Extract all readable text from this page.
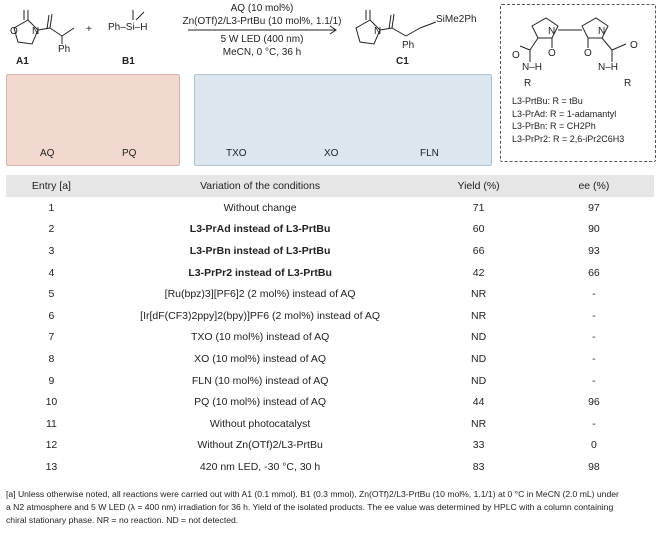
O N	N	N	N
O	O	O
O
N–H	N–H
R	R
Ph
+ Ph–Si–H
Ph
SiMe2Ph
A1	B1	C1
AQ (10 mol%)
Zn(OTf)2/L3-PrtBu (10 mol%, 1.1/1)
5 W LED (400 nm)
MeCN, 0 °C, 36 h
AQ	PQ	TXO	XO	FLN
L3-PrtBu: R = tBu
L3-PrAd: R = 1-adamantyl
L3-PrBn: R = CH2Ph
L3-PrPr2: R = 2,6-iPr2C6H3
Entry [a]	Variation of the conditions	Yield (%)	ee (%)
1	Without change	71	97
2	L3-PrAd instead of L3-PrtBu	60	90
3	L3-PrBn instead of L3-PrtBu	66	93
4	L3-PrPr2 instead of L3-PrtBu	42	66
5	[Ru(bpz)3][PF6]2 (2 mol%) instead of AQ	NR	-
6	[Ir[dF(CF3)2ppy]2(bpy)]PF6 (2 mol%) instead of AQ	NR	-
7	TXO (10 mol%) instead of AQ	ND	-
8	XO (10 mol%) instead of AQ	ND	-
9	FLN (10 mol%) instead of AQ	ND	-
10	PQ (10 mol%) instead of AQ	44	96
11	Without photocatalyst	NR	-
12	Without Zn(OTf)2/L3-PrtBu	33	0
13	420 nm LED, -30 °C, 30 h	83	98
[a] Unless otherwise noted, all reactions were carried out with A1 (0.1 mmol), B1 (0.3 mmol), Zn(OTf)2/L3-PrtBu (10 mol%, 1.1/1) at 0 °C in MeCN (2.0 mL) under
a N2 atmosphere and 5 W LED (λ = 400 nm) irradiation for 36 h. Yield of the isolated products. The ee value was determined by HPLC with a column containing
chiral stationary phase. NR = no reaction. ND = not detected.
